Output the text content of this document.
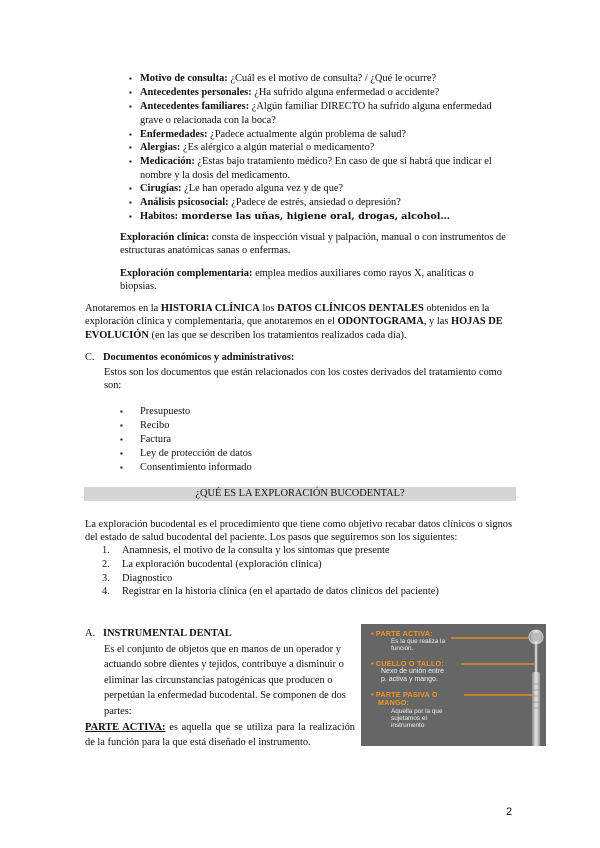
▪ Motivo de consulta: ¿Cuál es el motivo de consulta? / ¿Qué le ocurre?
▪ Antecedentes personales: ¿Ha sufrido alguna enfermedad o accidente?
▪ Antecedentes familiares: ¿Algún familiar DIRECTO ha sufrido alguna enfermedad grave o relacionada con la boca?
▪ Enfermedades: ¿Padece actualmente algún problema de salud?
▪ Alergias: ¿Es alérgico a algún material o medicamento?
▪ Medicación: ¿Estas bajo tratamiento médico? En caso de que sí habrá que indicar el nombre y la dosis del medicamento.
▪ Cirugías: ¿Le han operado alguna vez y de que?
▪ Análisis psicosocial: ¿Padece de estrés, ansiedad o depresión?
▪ Habitos: morderse las uñas, higiene oral, drogas, alcohol…
Exploración clínica: consta de inspección visual y palpación, manual o con instrumentos de estructuras anatómicas sanas o enfermas.
Exploración complementaria: emplea medios auxiliares como rayos X, analíticas o biopsias.
Anotaremos en la HISTORIA CLÍNICA los DATOS CLÍNICOS DENTALES obtenidos en la exploración clínica y complementaria, que anotaremos en el ODONTOGRAMA, y las HOJAS DE EVOLUCIÓN (en las que se describen los tratamientos realizados cada día).
C. Documentos económicos y administrativos:
Estos son los documentos que están relacionados con los costes derivados del tratamiento como son:
▪ Presupuesto
▪ Recibo
▪ Factura
▪ Ley de protección de datos
▪ Consentimiento informado
¿QUÉ ES LA EXPLORACIÓN BUCODENTAL?
La exploración bucodental es el procedimiento que tiene como objetivo recabar datos clínicos o signos del estado de salud bucodental del paciente. Los pasos que seguiremos son los siguientes:
1. Anamnesis, el motivo de la consulta y los síntomas que presente
2. La exploración bucodental (exploración clínica)
3. Diagnostico
4. Registrar en la historia clínica (en el apartado de datos clínicos del paciente)
A. INSTRUMENTAL DENTAL
Es el conjunto de objetos que en manos de un operador y actuando sobre dientes y tejidos, contribuye a disminuir o eliminar las circunstancias patogénicas que producen o perpetúan la enfermedad bucodental. Se componen de dos partes:
PARTE ACTIVA: es aquella que se utiliza para la realización de la función para la que está diseñado el instrumento.
• PARTE ACTIVA:
Es la que realiza la
función.
• CUELLO O TALLO:
Nexo de unión entre
p. activa y mango.
• PARTE PASIVA O
MANGO:
Aquella por la que
sujetamos el
instrumento
2
